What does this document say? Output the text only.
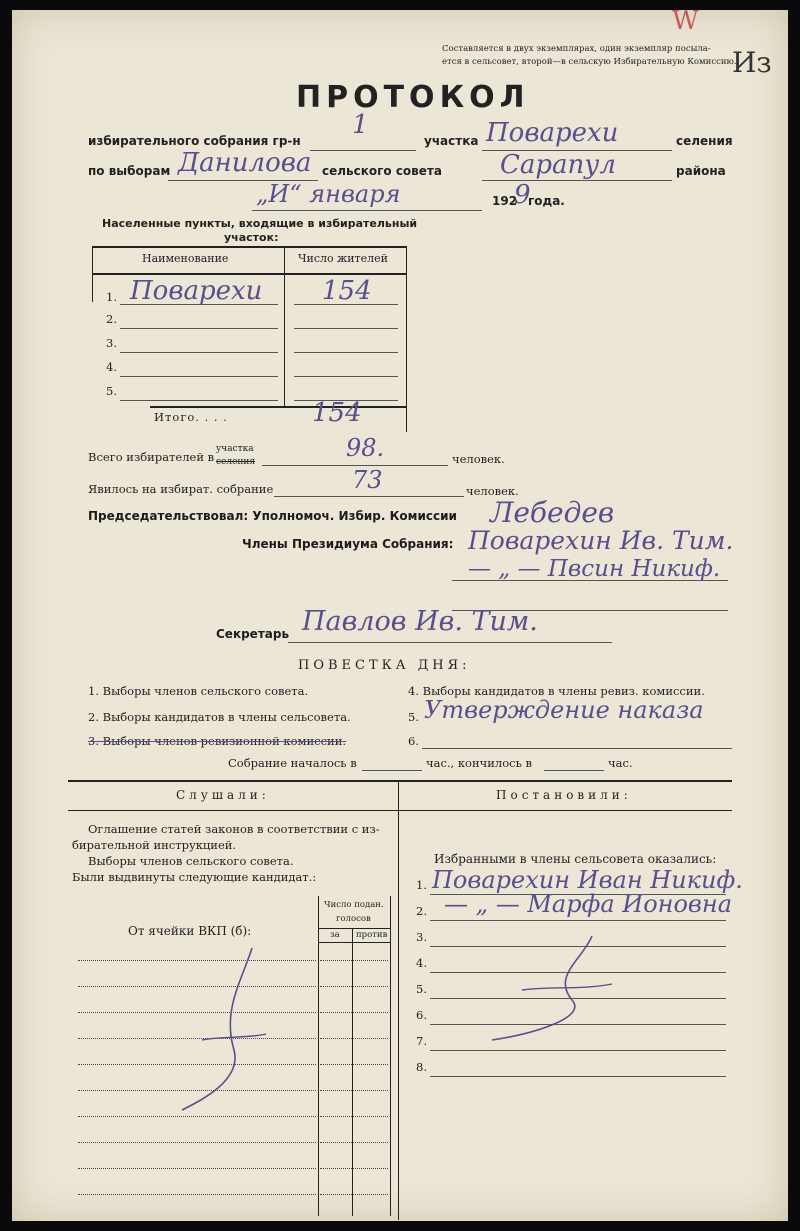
Составляется в двух экземплярах, один экземпляр посыла-
ется в сельсовет, второй—в сельскую Избирательную Комиссию.
W
Из
ПРОТОКОЛ
избирательного собрания гр-н
1
участка Поварехи	селения
по выборам Данилова сельского совета Сарапул	района
„И“ января	192
9
года.
Населенные пункты, входящие в избирательный
участок:
Наименование	Число жителей
1. Поварехи 154
2.
3.
4.
5.
Итого. . . .	154
Всего избирателей в
участка
селения	98.	человек.
Явилось на избират. собрание	73	человек.
Председательствовал: Уполномоч. Избир. Комиссии Лебедев
Члены Президиума Собрания: Поварехин Ив. Тим.
— „ — Пвсин Никиф.
Секретарь Павлов Ив. Тим.
ПОВЕСТКА ДНЯ:
1. Выборы членов сельского совета.
2. Выборы кандидатов в члены сельсовета.
3. Выборы членов ревизионной комиссии.
4. Выборы кандидатов в члены ревиз. комиссии.
5. Утверждение наказа
6.
Собрание началось в	час., кончилось в	час.
Слушали:	Постановили:
Оглашение статей законов в соответствии с из-
бирательной инструкцией.
Выборы членов сельского совета.
Были выдвинуты следующие кандидат.:
Число подан.
голосов
за против
От ячейки ВКП (б):
Избранными в члены сельсовета оказались:
1. Поварехин Иван Никиф.
2. — „ — Марфа Ионовна
3.
4.
5.
6.
7.
8.
